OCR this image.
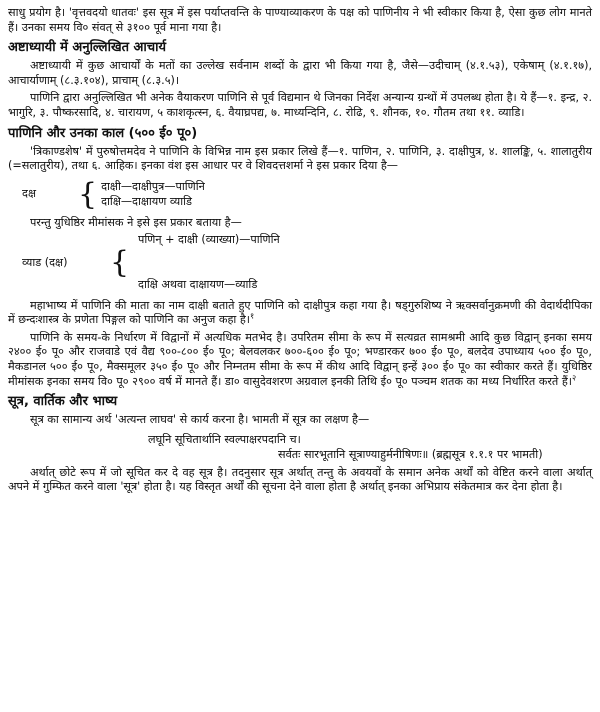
साधु प्रयोग है। 'वृत्तवदयो धातवः' इस सूत्र में इस पर्याप्तवन्ति के पाण्याव्याकरण के पक्ष को पाणिनीय ने भी स्वीकार किया है, ऐसा कुछ लोग मानते हैं। उनका समय वि० संवत् से ३१०० पूर्व माना गया है।

अष्टाध्यायी में अनुल्लिखित आचार्य

अष्टाध्यायी में कुछ आचार्यों के मतों का उल्लेख सर्वनाम शब्दों के द्वारा भी किया गया है, जैसे—उदीचाम् (४.१.५३), एकेषाम् (४.१.१७), आचार्याणाम् (८.३.१०४), प्राचाम् (८.३.५)।

पाणिनि द्वारा अनुल्लिखित भी अनेक वैयाकरण पाणिनि से पूर्व विद्यमान थे जिनका निर्देश अन्यान्य ग्रन्थों में उपलब्ध होता है। ये हैं—१. इन्द्र, २. भागुरि, ३. पौष्करसादि, ४. चारायण, ५ काशकृत्स्न, ६. वैयाघ्रपद्य, ७. माध्यन्दिनि, ८. रोढि, ९. शौनक, १०. गौतम तथा ११. व्याडि।

पाणिनि और उनका काल (५०० ई० पू०)

'त्रिकाण्डशेष' में पुरुषोत्तमदेव ने पाणिनि के विभिन्न नाम इस प्रकार लिखे हैं—१. पाणिन, २. पाणिनि, ३. दाक्षीपुत्र, ४. शालङ्कि, ५. शालातुरीय (=सलातुरीय), तथा ६. आहिक। इनका वंश इस आधार पर वे शिवदत्तशर्मा ने इस प्रकार दिया है—

दक्ष	{ दाक्षी—दाक्षीपुत्र—पाणिनि
दाक्षि—दाक्षायण व्याडि

परन्तु युधिष्ठिर मीमांसक ने इसे इस प्रकार बताया है—

पणिन् + दाक्षी (व्याख्या)—पाणिनि
व्याड (दक्ष)	{
दाक्षि अथवा दाक्षायण—व्याडि

महाभाष्य में पाणिनि की माता का नाम दाक्षी बताते हुए पाणिनि को दाक्षीपुत्र कहा गया है। षड्गुरुशिष्य ने ऋक्सर्वानुक्रमणी की वेदार्थदीपिका में छन्दःशास्त्र के प्रणेता पिङ्गल को पाणिनि का अनुज कहा है।$^१$

पाणिनि के समय-के निर्धारण में विद्वानों में अत्यधिक मतभेद है। उपरितम सीमा के रूप में सत्यव्रत सामश्रमी आदि कुछ विद्वान् इनका समय २४०० ई० पू० और राजवाडे एवं वैद्य ९००-८०० ई० पू०; बेलवलकर ७००-६०० ई० पू०; भण्डारकर ७०० ई० पू०, बलदेव उपाध्याय ५०० ई० पू०, मैकडानल ५०० ई० पू०, मैक्समूलर ३५० ई० पू० और निम्नतम सीमा के रूप में कीथ आदि विद्वान् इन्हें ३०० ई० पू० का स्वीकार करते हैं। युधिष्ठिर मीमांसक इनका समय वि० पू० २९०० वर्ष में मानते हैं। डा० वासुदेवशरण अग्रवाल इनकी तिथि ई० पू० पञ्चम शतक का मध्य निर्धारित करते हैं।$^२$

सूत्र, वार्तिक और भाष्य

सूत्र का सामान्य अर्थ 'अत्यन्त लाघव' से कार्य करना है। भामती में सूत्र का लक्षण है—

लघूनि सूचितार्थानि स्वल्पाक्षरपदानि च।
सर्वतः सारभूतानि सूत्राण्याहुर्मनीषिणः॥ (ब्रह्मसूत्र १.१.१ पर भामती)

अर्थात् छोटे रूप में जो सूचित कर दे वह सूत्र है। तदनुसार सूत्र अर्थात् तन्तु के अवयवों के समान अनेक अर्थों को वेष्टित करने वाला अर्थात् अपने में गुम्फित करने वाला 'सूत्र' होता है। यह विस्तृत अर्थों की सूचना देने वाला होता है अर्थात् इनका अभिप्राय संकेतमात्र कर देना होता है।
